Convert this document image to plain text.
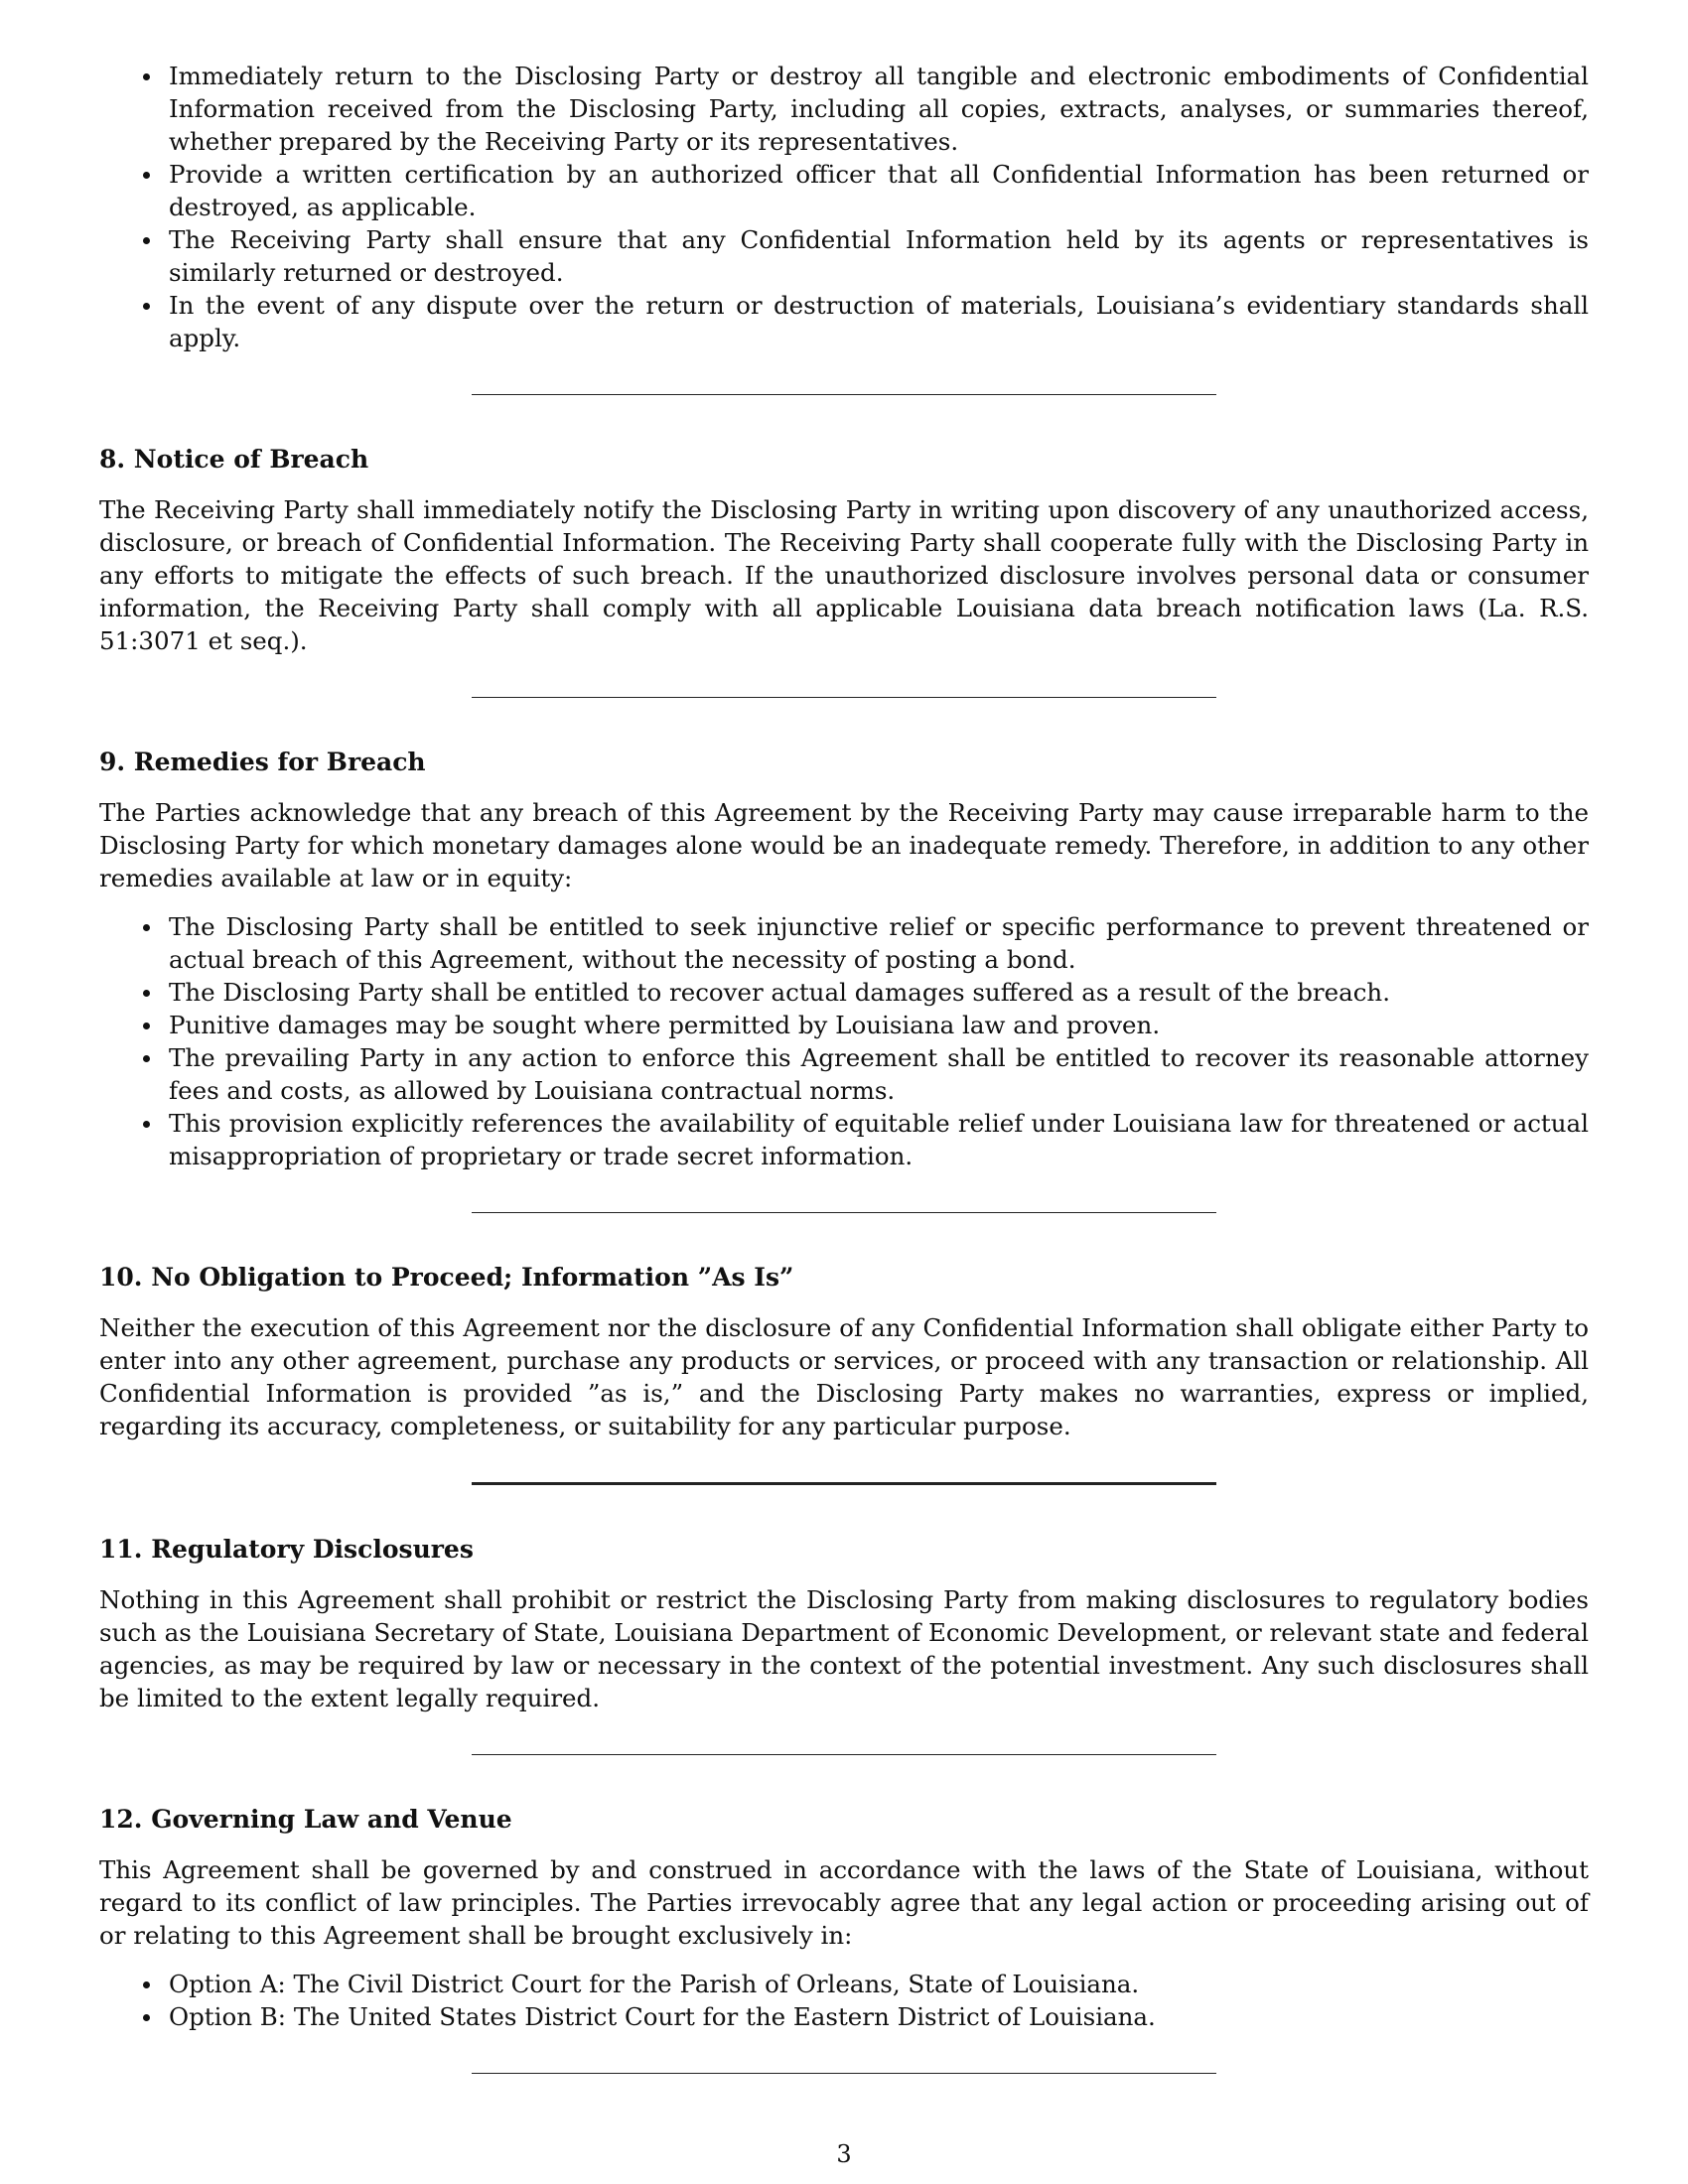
Immediately return to the Disclosing Party or destroy all tangible and electronic embodiments of Confidential Information received from the Disclosing Party, including all copies, extracts, analyses, or summaries thereof, whether prepared by the Receiving Party or its representatives.
Provide a written certification by an authorized officer that all Confidential Information has been returned or destroyed, as applicable.
The Receiving Party shall ensure that any Confidential Information held by its agents or representatives is similarly returned or destroyed.
In the event of any dispute over the return or destruction of materials, Louisiana’s evidentiary standards shall apply.
8. Notice of Breach

The Receiving Party shall immediately notify the Disclosing Party in writing upon discovery of any unauthorized access, disclosure, or breach of Confidential Information. The Receiving Party shall cooperate fully with the Disclosing Party in any efforts to mitigate the effects of such breach. If the unauthorized disclosure involves personal data or consumer information, the Receiving Party shall comply with all applicable Louisiana data breach notification laws (La. R.S. 51:3071 et seq.).

9. Remedies for Breach

The Parties acknowledge that any breach of this Agreement by the Receiving Party may cause irreparable harm to the Disclosing Party for which monetary damages alone would be an inadequate remedy. Therefore, in addition to any other remedies available at law or in equity:

The Disclosing Party shall be entitled to seek injunctive relief or specific performance to prevent threatened or actual breach of this Agreement, without the necessity of posting a bond.
The Disclosing Party shall be entitled to recover actual damages suffered as a result of the breach.
Punitive damages may be sought where permitted by Louisiana law and proven.
The prevailing Party in any action to enforce this Agreement shall be entitled to recover its reasonable attorney fees and costs, as allowed by Louisiana contractual norms.
This provision explicitly references the availability of equitable relief under Louisiana law for threatened or actual misappropriation of proprietary or trade secret information.
10. No Obligation to Proceed; Information ”As Is”

Neither the execution of this Agreement nor the disclosure of any Confidential Information shall obligate either Party to enter into any other agreement, purchase any products or services, or proceed with any transaction or relationship. All Confidential Information is provided ”as is,” and the Disclosing Party makes no warranties, express or implied, regarding its accuracy, completeness, or suitability for any particular purpose.

11. Regulatory Disclosures

Nothing in this Agreement shall prohibit or restrict the Disclosing Party from making disclosures to regulatory bodies such as the Louisiana Secretary of State, Louisiana Department of Economic Development, or relevant state and federal agencies, as may be required by law or necessary in the context of the potential investment. Any such disclosures shall be limited to the extent legally required.

12. Governing Law and Venue

This Agreement shall be governed by and construed in accordance with the laws of the State of Louisiana, without regard to its conflict of law principles. The Parties irrevocably agree that any legal action or proceeding arising out of or relating to this Agreement shall be brought exclusively in:

Option A: The Civil District Court for the Parish of Orleans, State of Louisiana.
Option B: The United States District Court for the Eastern District of Louisiana.
3
